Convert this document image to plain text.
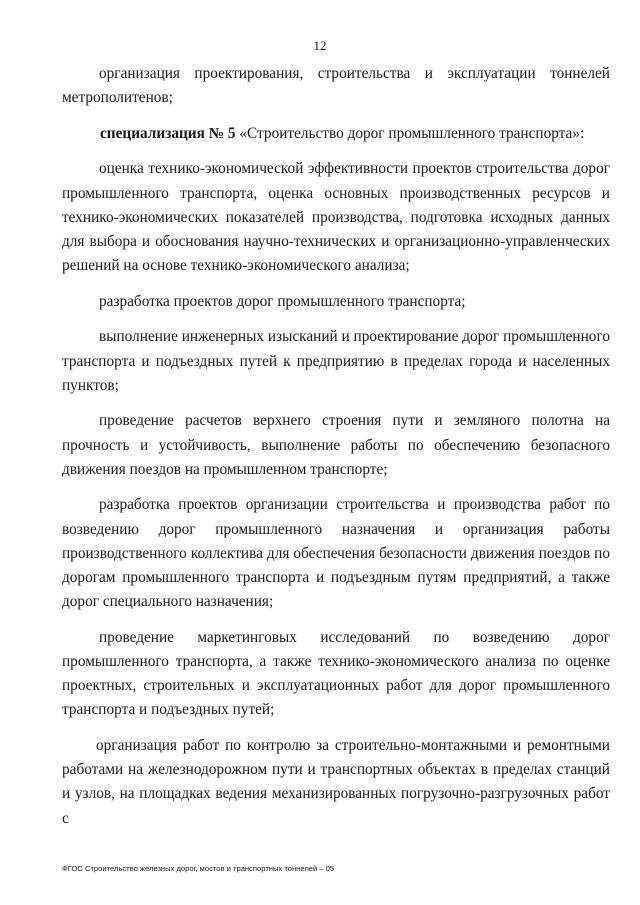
12

организация проектирования, строительства и эксплуатации тоннелей метрополитенов;

специализация № 5 «Строительство дорог промышленного транспорта»:

оценка технико-экономической эффективности проектов строительства дорог промышленного транспорта, оценка основных производственных ресурсов и технико-экономических показателей производства, подготовка исходных данных для выбора и обоснования научно-технических и организационно-управленческих решений на основе технико-экономического анализа;

разработка проектов дорог промышленного транспорта;

выполнение инженерных изысканий и проектирование дорог промышленного транспорта и подъездных путей к предприятию в пределах города и населенных пунктов;

проведение расчетов верхнего строения пути и земляного полотна на прочность и устойчивость, выполнение работы по обеспечению безопасного движения поездов на промышленном транспорте;

разработка проектов организации строительства и производства работ по возведению дорог промышленного назначения и организация работы производственного коллектива для обеспечения безопасности движения поездов по дорогам промышленного транспорта и подъездным путям предприятий, а также дорог специального назначения;

проведение маркетинговых исследований по возведению дорог промышленного транспорта, а также технико-экономического анализа по оценке проектных, строительных и эксплуатационных работ для дорог промышленного транспорта и подъездных путей;

организация работ по контролю за строительно-монтажными и ремонтными работами на железнодорожном пути и транспортных объектах в пределах станций и узлов, на площадках ведения механизированных погрузочно-разгрузочных работ с

ФГОС Строительство железных дорог, мостов и транспортных тоннелей – 05
